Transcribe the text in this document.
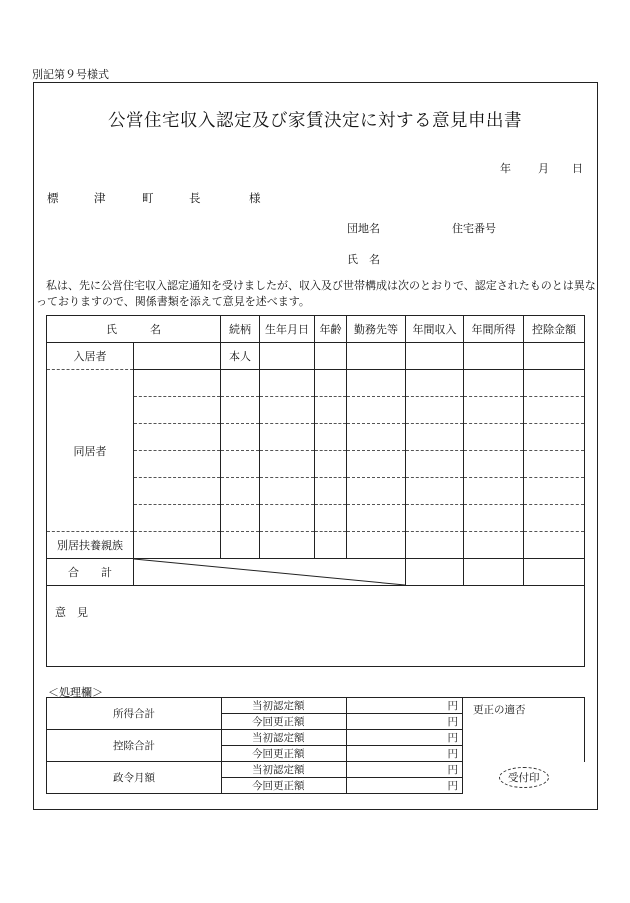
別記第９号様式
公営住宅収入認定及び家賃決定に対する意見申出書
年 月 日
標	津	町	長	様
団地名	住宅番号
氏　名
私は、先に公営住宅収入認定通知を受けましたが、収入及び世帯構成は次のとおりで、認定されたものとは異なっておりますので、関係書類を添えて意見を述べます。
氏　　　名		続柄	生年月日	年齢	勤務先等	年間収入	年間所得	控除金額
入居者		本人						
同居者								

別居扶養親族								
合　　計	

意　見								
＜処理欄＞
所得合計	当初認定額	円	更正の適否
	今回更正額	円	
控除合計	当初認定額	円	
	今回更正額	円	
政令月額	当初認定額	円	受付印
	今回更正額	円	
